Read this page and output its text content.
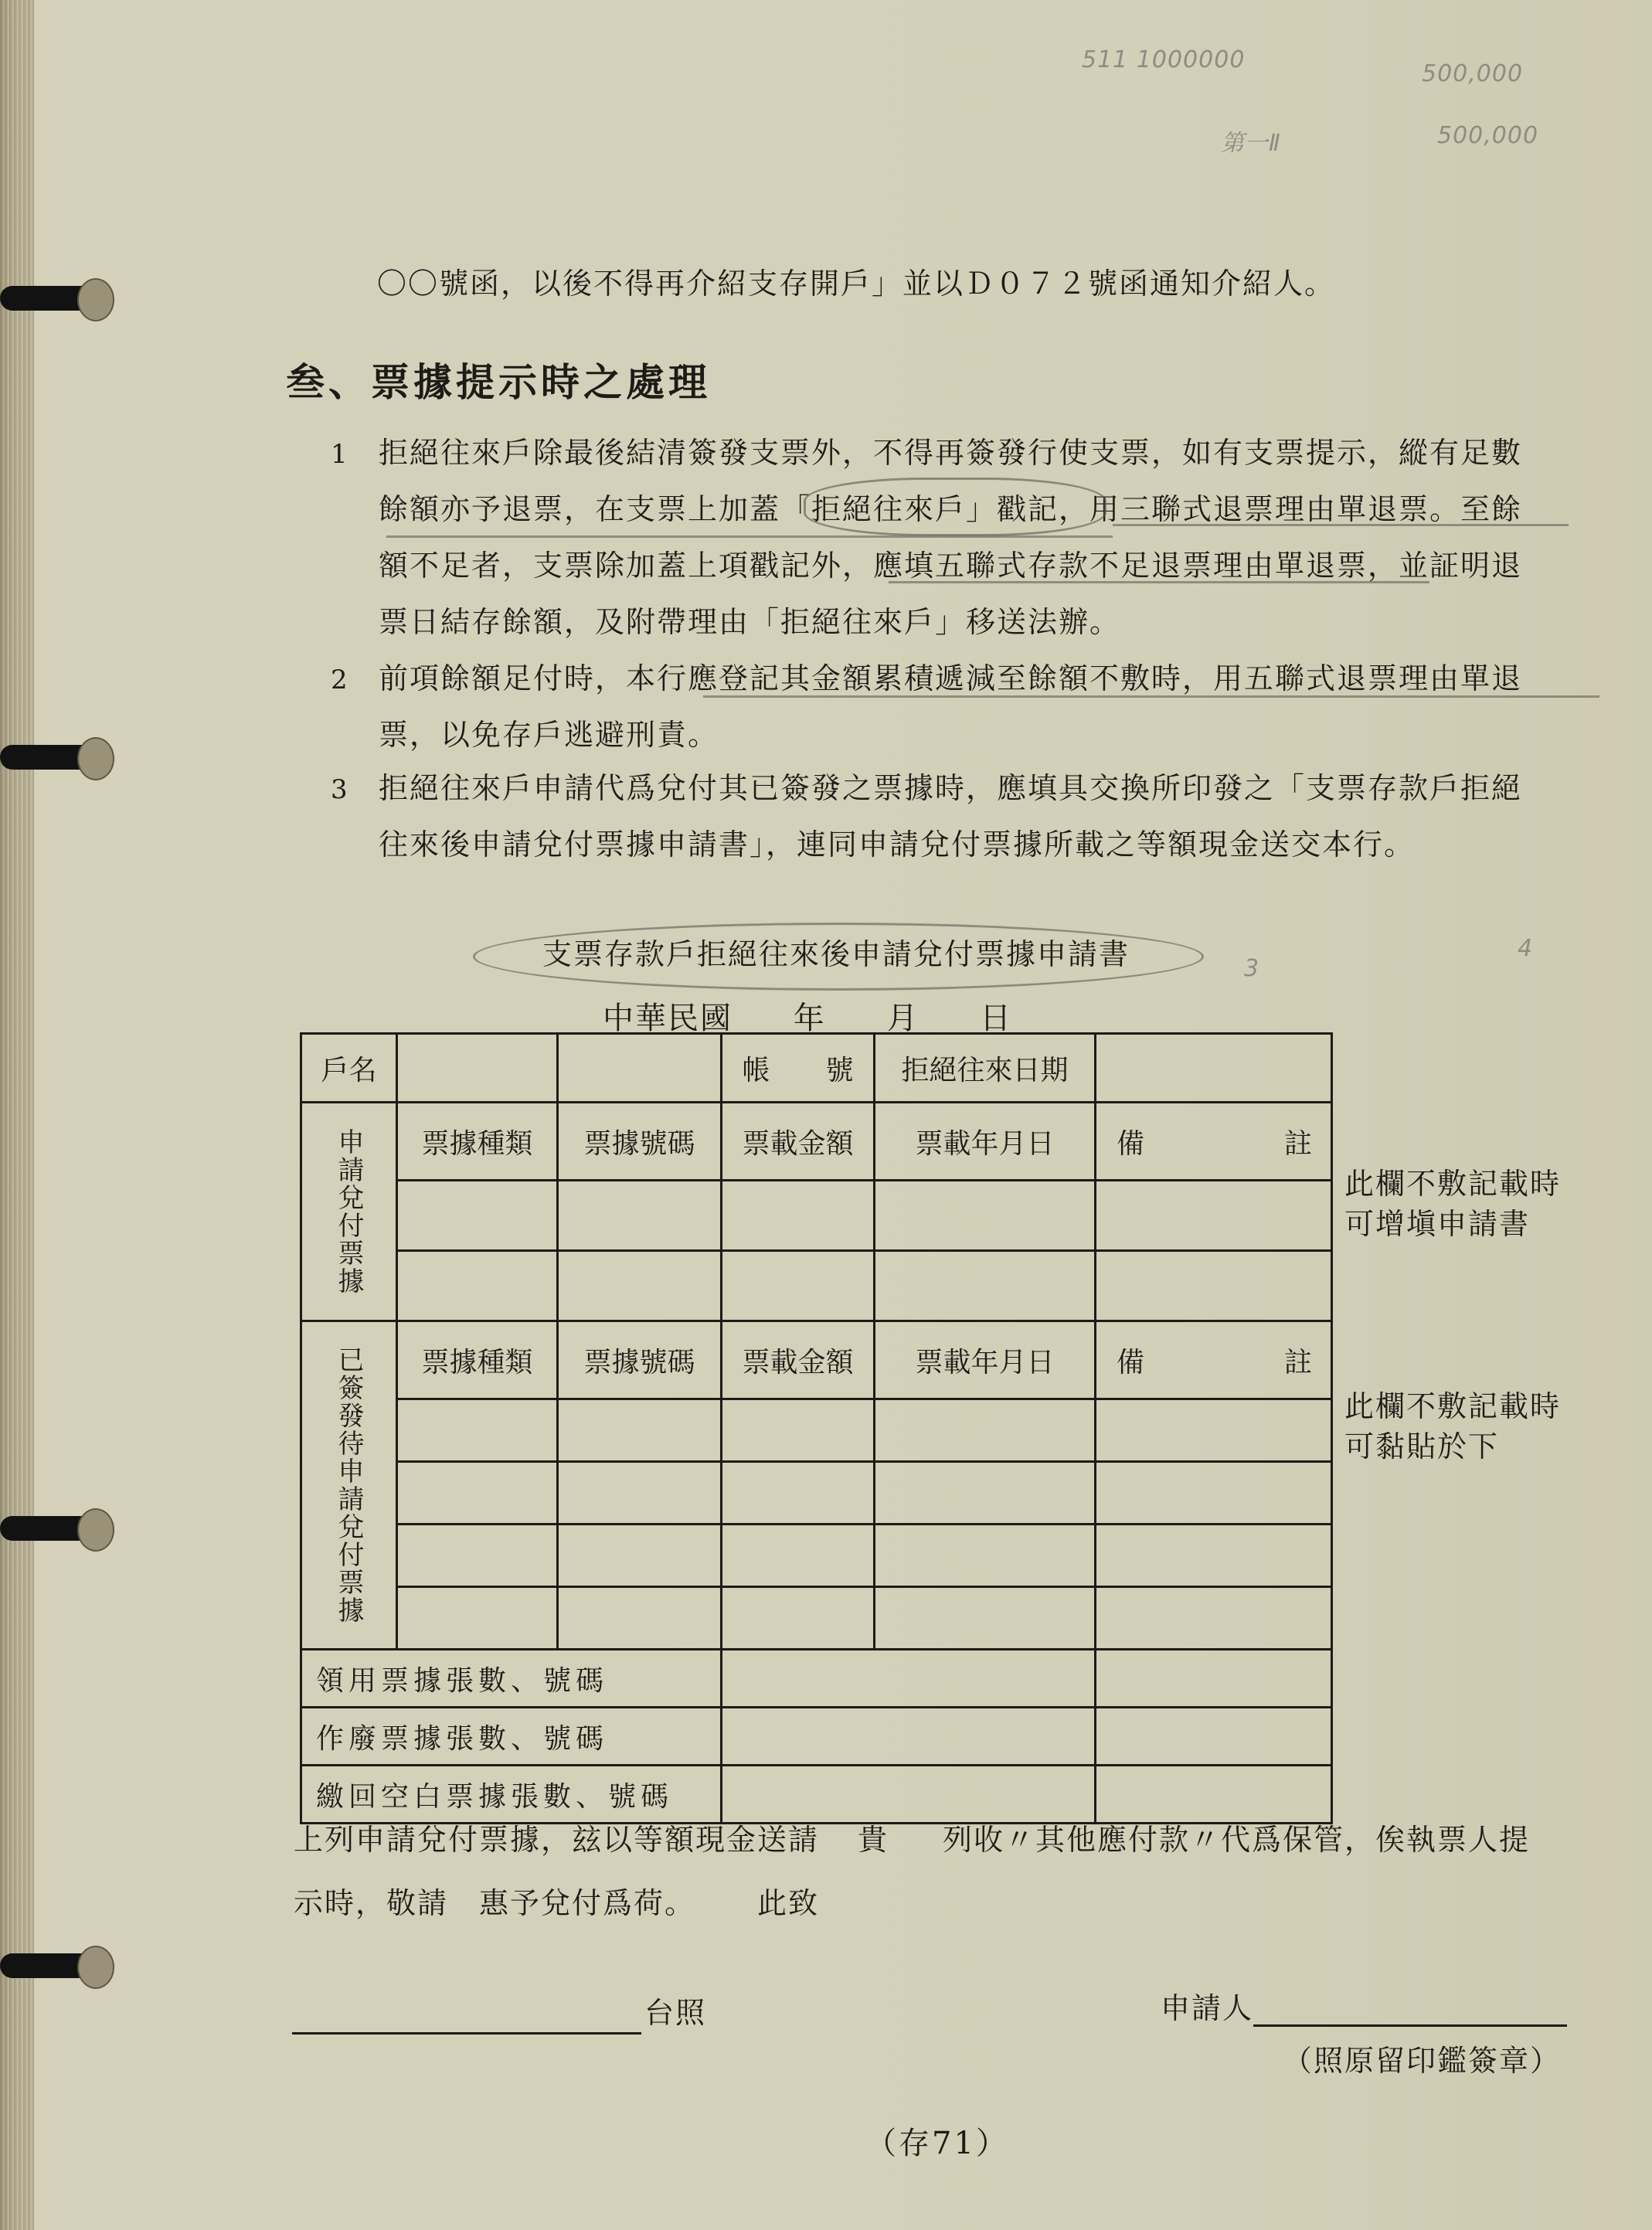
511 1000000
500,000
第一Ⅱ	500,000
〇〇號函，以後不得再介紹支存開戶」並以Ｄ０７２號函通知介紹人。
叁、票據提示時之處理
1	拒絕往來戶除最後結清簽發支票外，不得再簽發行使支票，如有支票提示，縱有足數
餘額亦予退票，在支票上加蓋「拒絕往來戶」戳記，用三聯式退票理由單退票。至餘
額不足者，支票除加蓋上項戳記外，應填五聯式存款不足退票理由單退票，並証明退
票日結存餘額，及附帶理由「拒絕往來戶」移送法辦。
2	前項餘額足付時，本行應登記其金額累積遞減至餘額不敷時，用五聯式退票理由單退
票，以免存戶逃避刑責。
3	拒絕往來戶申請代爲兌付其已簽發之票據時，應填具交換所印發之「支票存款戶拒絕
往來後申請兌付票據申請書」，連同申請兌付票據所載之等額現金送交本行。
支票存款戶拒絕往來後申請兌付票據申請書	3
4
中華民國 年 月 日
戶名			帳　　號	拒絕往來日期	

申請兌付票據	票據種類	票據號碼	票載金額	票載年月日	備 註

已簽發待申請兌付票據	票據種類	票據號碼	票載金額	票載年月日	備 註

領用票據張數、號碼					
作廢票據張數、號碼					
繳回空白票據張數、號碼					
此欄不敷記載時
可增塡申請書
此欄不敷記載時
可黏貼於下
上列申請兌付票據，玆以等額現金送請 貴 列收〃其他應付款〃代爲保管，俟執票人提
示時，敬請 惠予兌付爲荷。 此致
台照	申請人
（照原留印鑑簽章）
（存71）
